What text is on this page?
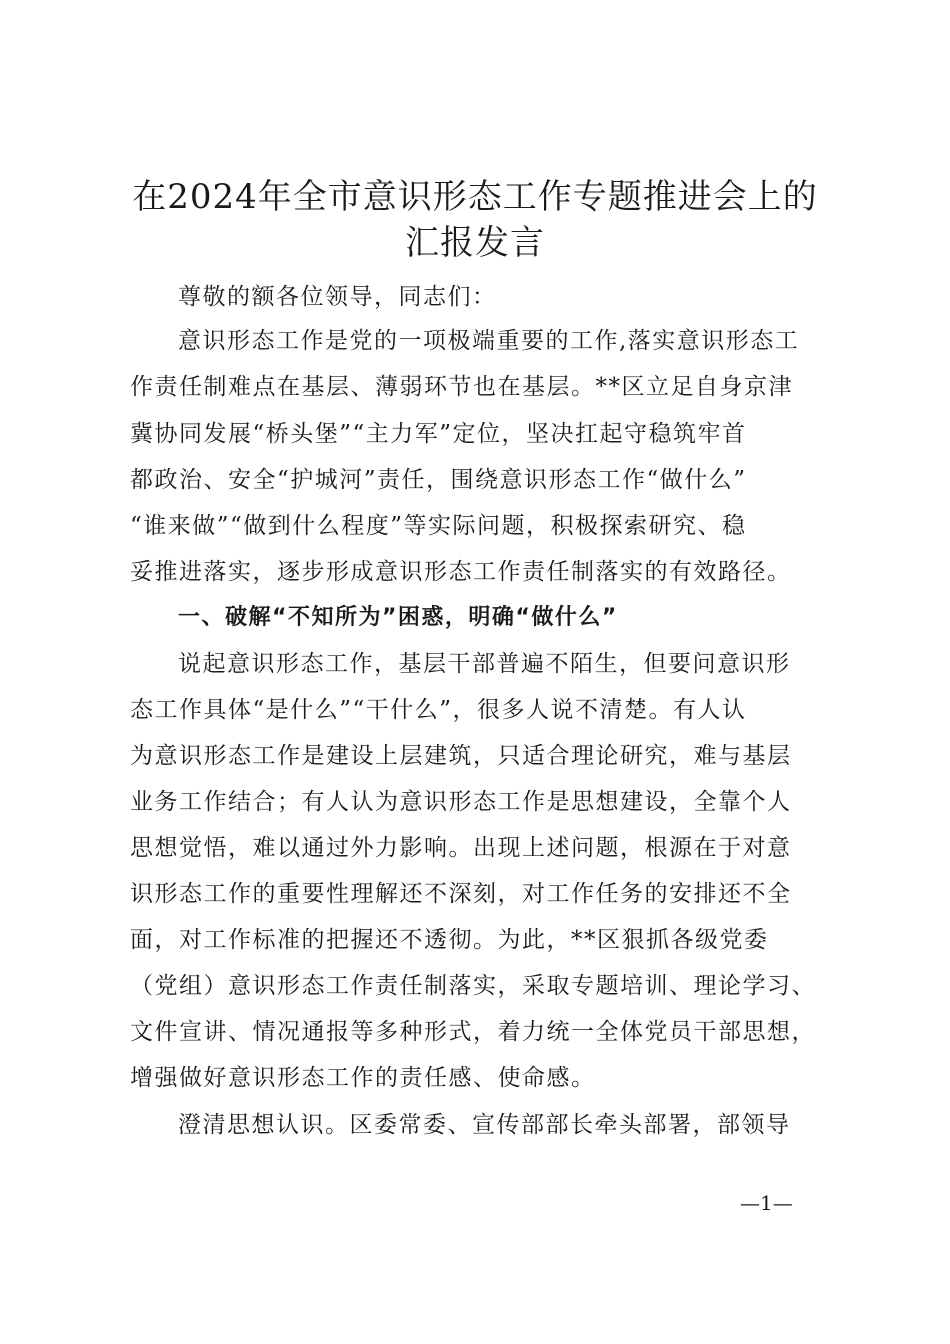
在2024年全市意识形态工作专题推进会上的
汇报发言

尊敬的额各位领导，同志们：

意识形态工作是党的一项极端重要的工作,落实意识形态工

作责任制难点在基层、薄弱环节也在基层。**区立足自身京津

冀协同发展“桥头堡”“主力军”定位，坚决扛起守稳筑牢首

都政治、安全“护城河”责任，围绕意识形态工作“做什么”

“谁来做”“做到什么程度”等实际问题，积极探索研究、稳

妥推进落实，逐步形成意识形态工作责任制落实的有效路径。

一、破解“不知所为”困惑，明确“做什么”

说起意识形态工作，基层干部普遍不陌生，但要问意识形

态工作具体“是什么”“干什么”，很多人说不清楚。有人认

为意识形态工作是建设上层建筑，只适合理论研究，难与基层

业务工作结合；有人认为意识形态工作是思想建设，全靠个人

思想觉悟，难以通过外力影响。出现上述问题，根源在于对意

识形态工作的重要性理解还不深刻，对工作任务的安排还不全

面，对工作标准的把握还不透彻。为此，**区狠抓各级党委

（党组）意识形态工作责任制落实，采取专题培训、理论学习、

文件宣讲、情况通报等多种形式，着力统一全体党员干部思想，

增强做好意识形态工作的责任感、使命感。

澄清思想认识。区委常委、宣传部部长牵头部署，部领导

—1—
